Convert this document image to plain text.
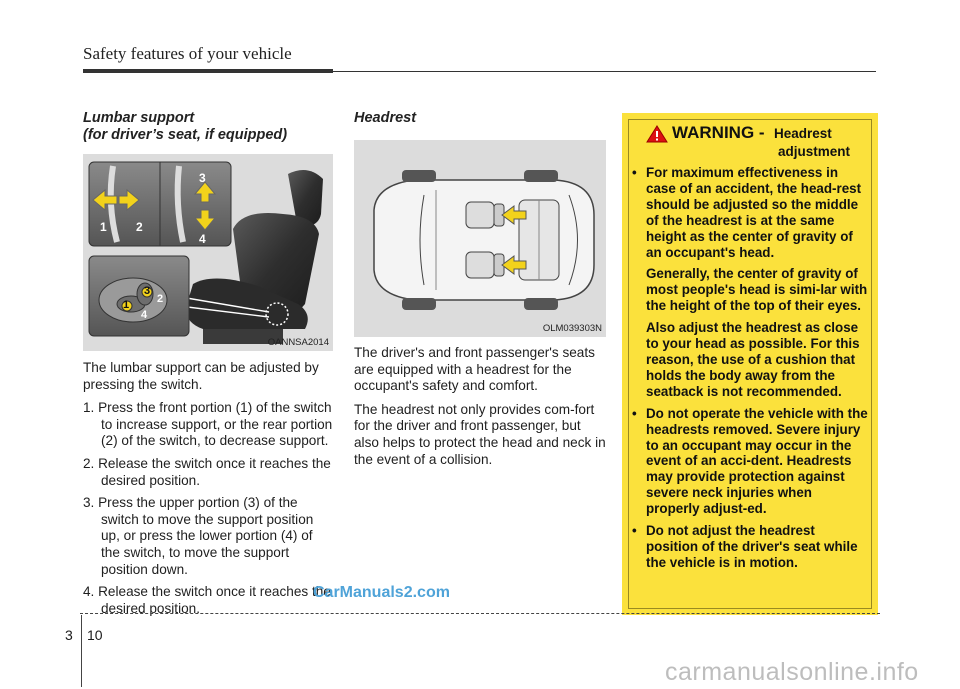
Safety features of your vehicle

Lumbar support
(for driver’s seat, if equipped)

1 2
3
4
1
3
2
4
OANNSA2014

The lumbar support can be adjusted by pressing the switch.

1. Press the front portion (1) of the switch to increase support, or the rear portion (2) of the switch, to decrease support.
2. Release the switch once it reaches the desired position.
3. Press the upper portion (3) of the switch to move the support position up, or press the lower portion (4) of the switch, to move the support position down.
4. Release the switch once it reaches the desired position.

Headrest

OLM039303N

The driver's and front passenger's seats are equipped with a headrest for the occupant's safety and comfort.

The headrest not only provides com-fort for the driver and front passenger, but also helps to protect the head and neck in the event of a collision.

WARNING - Headrest
adjustment
• For maximum effectiveness in case of an accident, the head-rest should be adjusted so the middle of the headrest is at the same height as the center of gravity of an occupant's head.
Generally, the center of gravity of most people's head is simi-lar with the height of the top of their eyes.
Also adjust the headrest as close to your head as possible. For this reason, the use of a cushion that holds the body away from the seatback is not recommended.
• Do not operate the vehicle with the headrests removed. Severe injury to an occupant may occur in the event of an acci-dent. Headrests may provide protection against severe neck injuries when properly adjust-ed.
• Do not adjust the headrest position of the driver's seat while the vehicle is in motion.
3 10
CarManuals2.com
carmanualsonline.info
